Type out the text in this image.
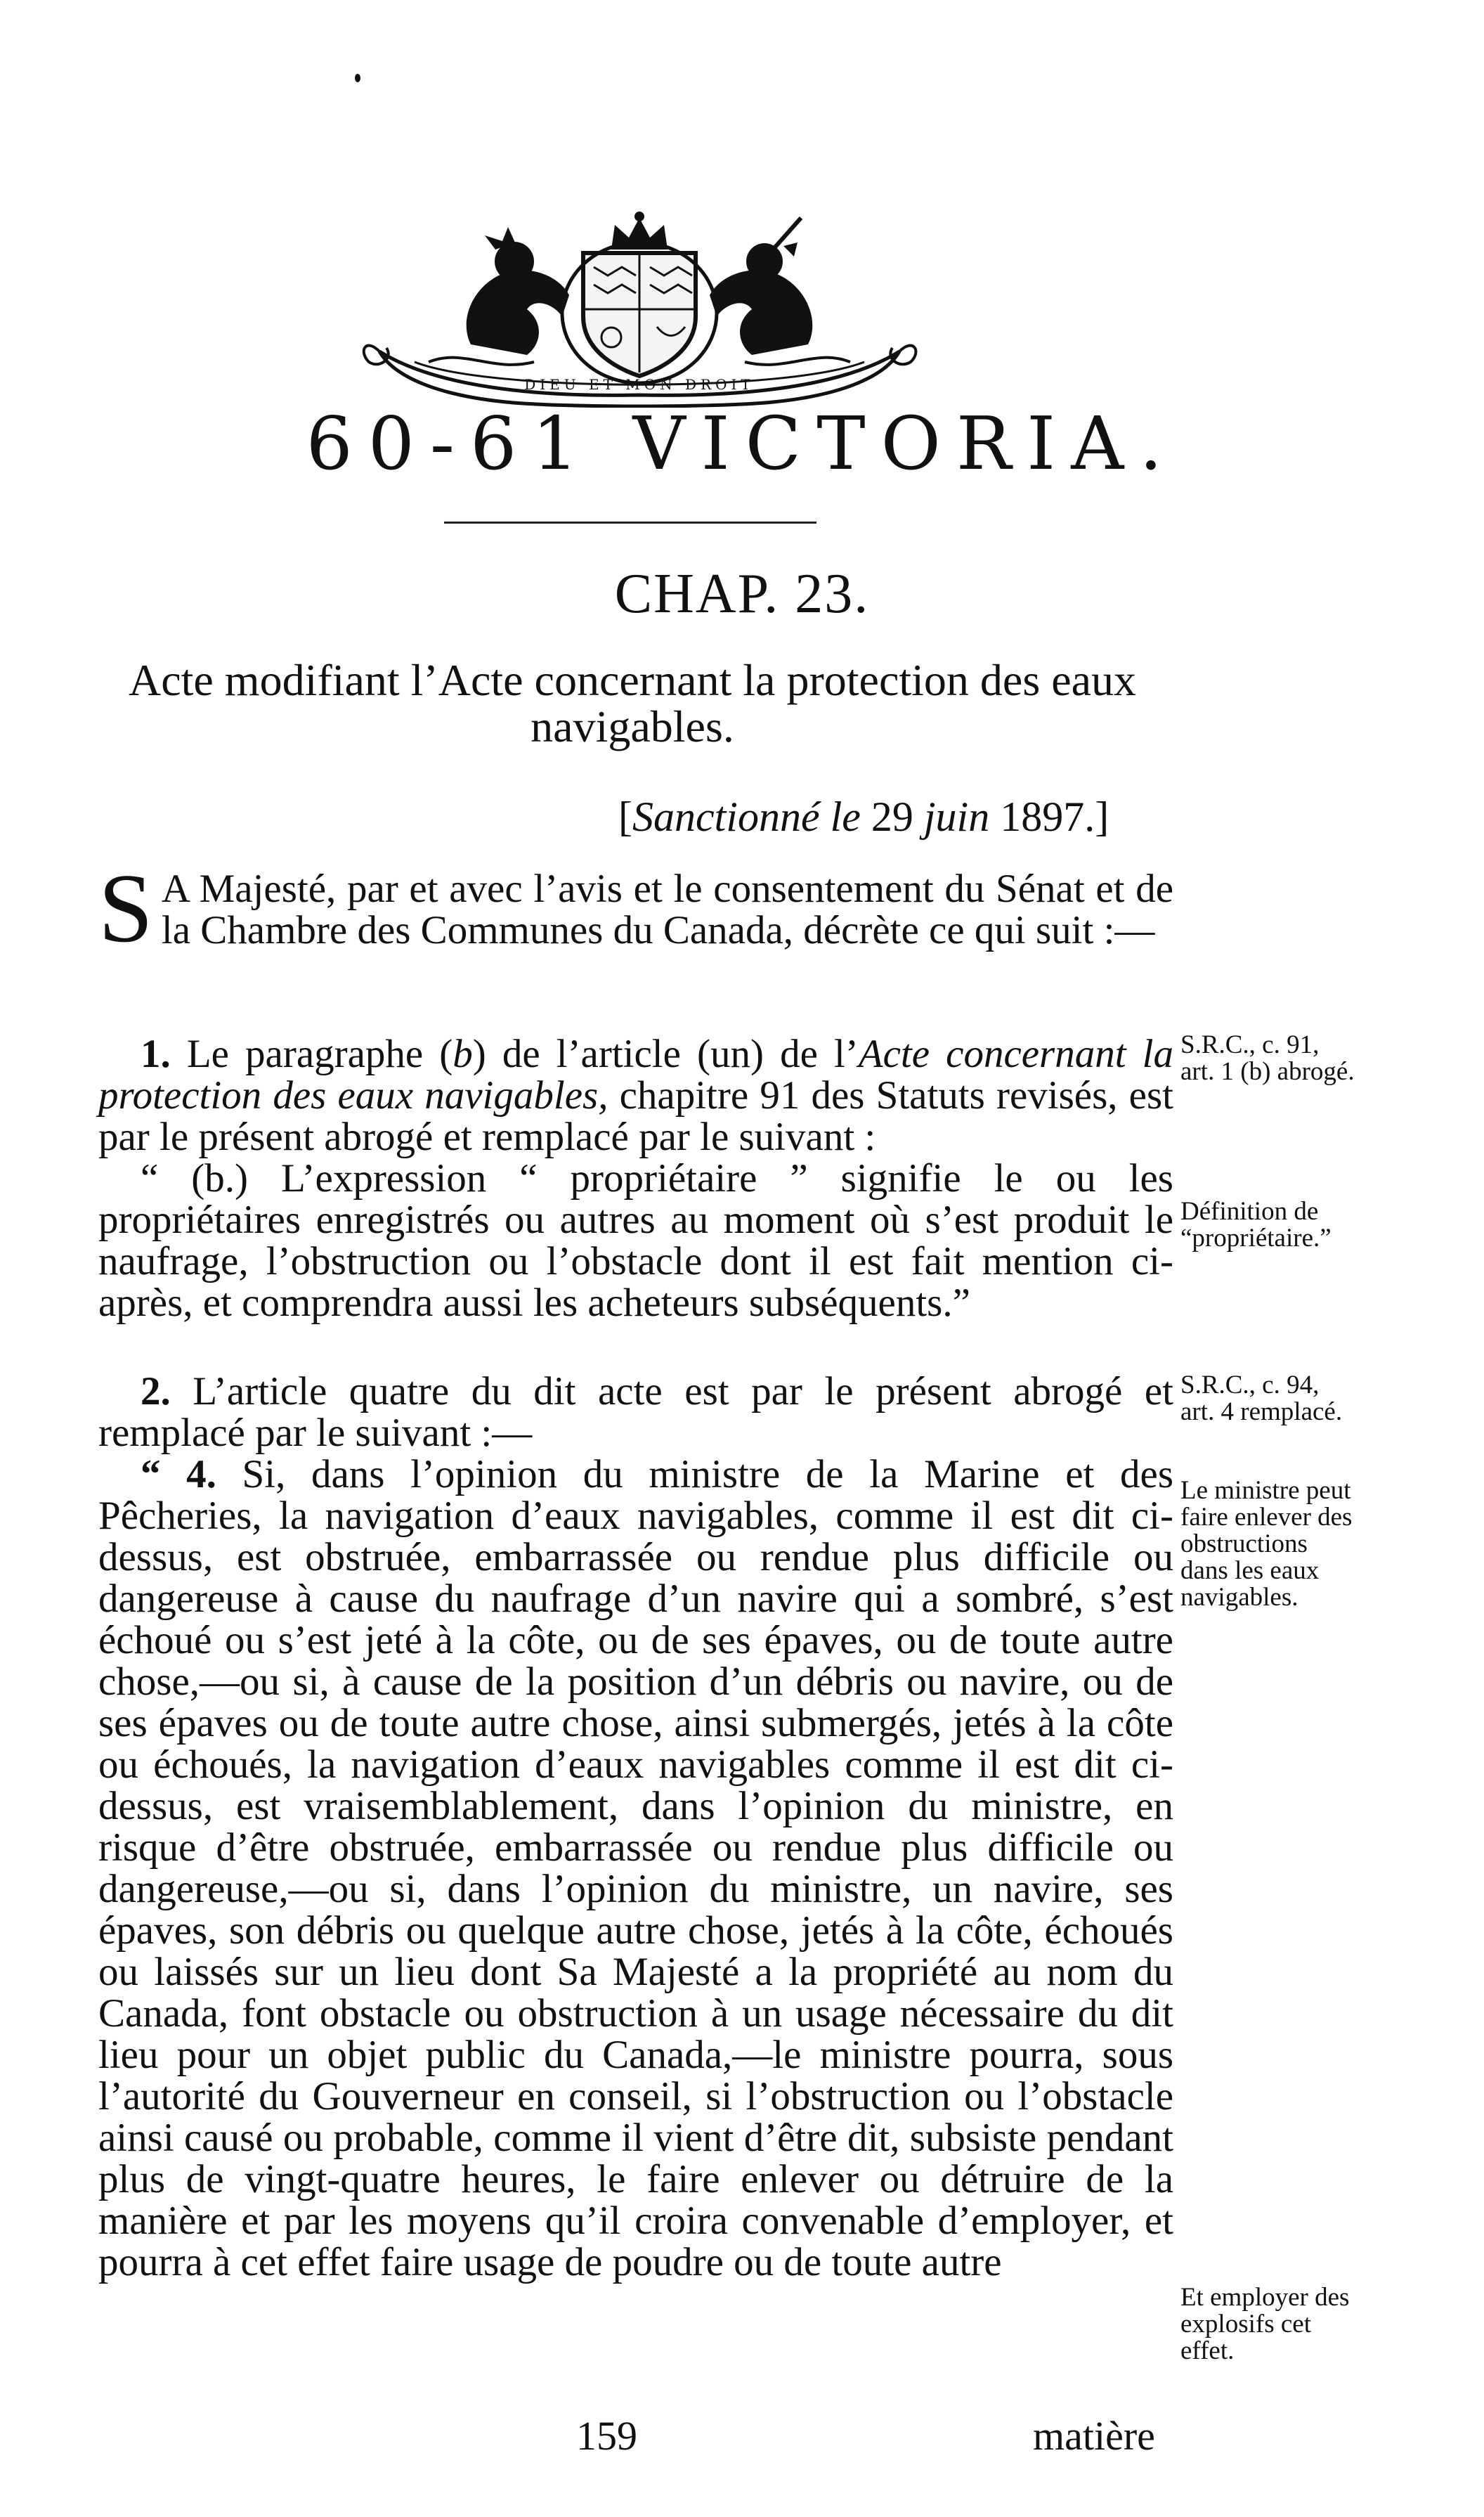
DIEU ET MON DROIT
60-61 VICTORIA.
CHAP. 23.
Acte modifiant l’Acte concernant la protection des eaux navigables.
[Sanctionné le 29 juin 1897.]

S A Majesté, par et avec l’avis et le consentement du Sénat et de la Chambre des Communes du Canada, décrète ce qui suit :—

1. Le paragraphe (b) de l’article (un) de l’Acte concernant la protection des eaux navigables, chapitre 91 des Statuts revisés, est par le présent abrogé et remplacé par le suivant :

“ (b.) L’expression “ propriétaire ” signifie le ou les propriétaires enregistrés ou autres au moment où s’est produit le naufrage, l’obstruction ou l’obstacle dont il est fait mention ci-après, et comprendra aussi les acheteurs subséquents.”

2. L’article quatre du dit acte est par le présent abrogé et remplacé par le suivant :—

“ 4. Si, dans l’opinion du ministre de la Marine et des Pêcheries, la navigation d’eaux navigables, comme il est dit ci-dessus, est obstruée, embarrassée ou rendue plus difficile ou dangereuse à cause du naufrage d’un navire qui a sombré, s’est échoué ou s’est jeté à la côte, ou de ses épaves, ou de toute autre chose,—ou si, à cause de la position d’un débris ou navire, ou de ses épaves ou de toute autre chose, ainsi submergés, jetés à la côte ou échoués, la navigation d’eaux navigables comme il est dit ci-dessus, est vraisemblablement, dans l’opinion du ministre, en risque d’être obstruée, embarrassée ou rendue plus difficile ou dangereuse,—ou si, dans l’opinion du ministre, un navire, ses épaves, son débris ou quelque autre chose, jetés à la côte, échoués ou laissés sur un lieu dont Sa Majesté a la propriété au nom du Canada, font obstacle ou obstruction à un usage nécessaire du dit lieu pour un objet public du Canada,—le ministre pourra, sous l’autorité du Gouverneur en conseil, si l’obstruction ou l’obstacle ainsi causé ou probable, comme il vient d’être dit, subsiste pendant plus de vingt-quatre heures, le faire enlever ou détruire de la manière et par les moyens qu’il croira convenable d’employer, et pourra à cet effet faire usage de poudre ou de toute autre

S.R.C., c. 91, art. 1 (b) abrogé.
Définition de “propriétaire.”
S.R.C., c. 94, art. 4 remplacé.
Le ministre peut faire enlever des obstructions dans les eaux navigables.
Et employer des explosifs cet effet.
159	matière
